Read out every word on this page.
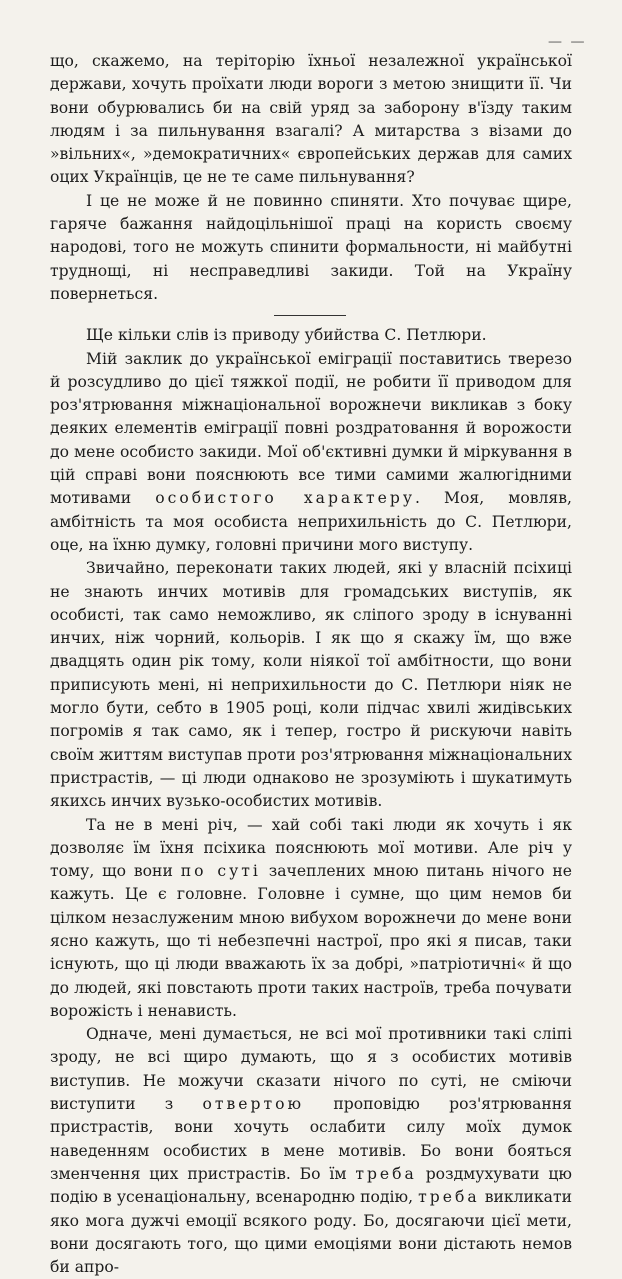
— —

що, скажемо, на теріторію їхньої незалежної української держави, хочуть проїхати люди вороги з метою знищити її. Чи вони обурювались би на свій уряд за заборону в'їзду таким людям і за пильнування взагалі? А митарства з візами до »вільних«, »демократичних« європейських держав для самих оцих Українців, це не те саме пильнування?

І це не може й не повинно спиняти. Хто почуває щире, гаряче бажання найдоцільнішої праці на користь своєму народові, того не можуть спинити формальности, ні майбутні труднощі, ні несправедливі закиди. Той на Україну повернеться.

Ще кільки слів із приводу убийства С. Петлюри.

Мій заклик до української еміграції поставитись тверезо й розсудливо до цієї тяжкої події, не робити її приводом для роз'ятрювання міжнаціональної ворожнечи викликав з боку деяких елементів еміграції повні роздратовання й ворожости до мене особисто закиди. Мої об'єктивні думки й міркування в цій справі вони пояснюють все тими самими жалюгідними мотивами особистого характеру. Моя, мовляв, амбітність та моя особиста неприхильність до С. Петлюри, оце, на їхню думку, головні причини мого виступу.

Звичайно, переконати таких людей, які у власній псіхиці не знають инчих мотивів для громадських виступів, як особисті, так само неможливо, як сліпого зроду в існуванні инчих, ніж чорний, кольорів. І як що я скажу їм, що вже двадцять один рік тому, коли ніякої тої амбітности, що вони приписують мені, ні неприхильности до С. Петлюри ніяк не могло бути, себто в 1905 році, коли підчас хвилі жидівських погромів я так само, як і тепер, гостро й рискуючи навіть своїм життям виступав проти роз'ятрювання міжнаціональних пристрастів, — ці люди однаково не зрозуміють і шукатимуть якихсь инчих вузько-особистих мотивів.

Та не в мені річ, — хай собі такі люди як хочуть і як дозволяє їм їхня псіхика пояснюють мої мотиви. Але річ у тому, що вони по суті зачеплених мною питань нічого не кажуть. Це є головне. Головне і сумне, що цим немов би цілком незаслуженим мною вибухом ворожнечи до мене вони ясно кажуть, що ті небезпечні настрої, про які я писав, таки існують, що ці люди вважають їх за добрі, »патріотичні« й що до людей, які повстають проти таких настроїв, треба почувати ворожість і ненависть.

Одначе, мені думається, не всі мої противники такі сліпі зроду, не всі щиро думають, що я з особистих мотивів виступив. Не можучи сказати нічого по суті, не сміючи виступити з отвертою проповідю роз'ятрювання пристрастів, вони хочуть ослабити силу моїх думок наведенням особистих в мене мотивів. Бо вони бояться зменчення цих пристрастів. Бо їм треба роздмухувати цю подію в усенаціональну, всенародню подію, треба викликати яко мога дужчі емоції всякого роду. Бо, досягаючи цієї мети, вони досягають того, що цими емоціями вони дістають немов би апро-
